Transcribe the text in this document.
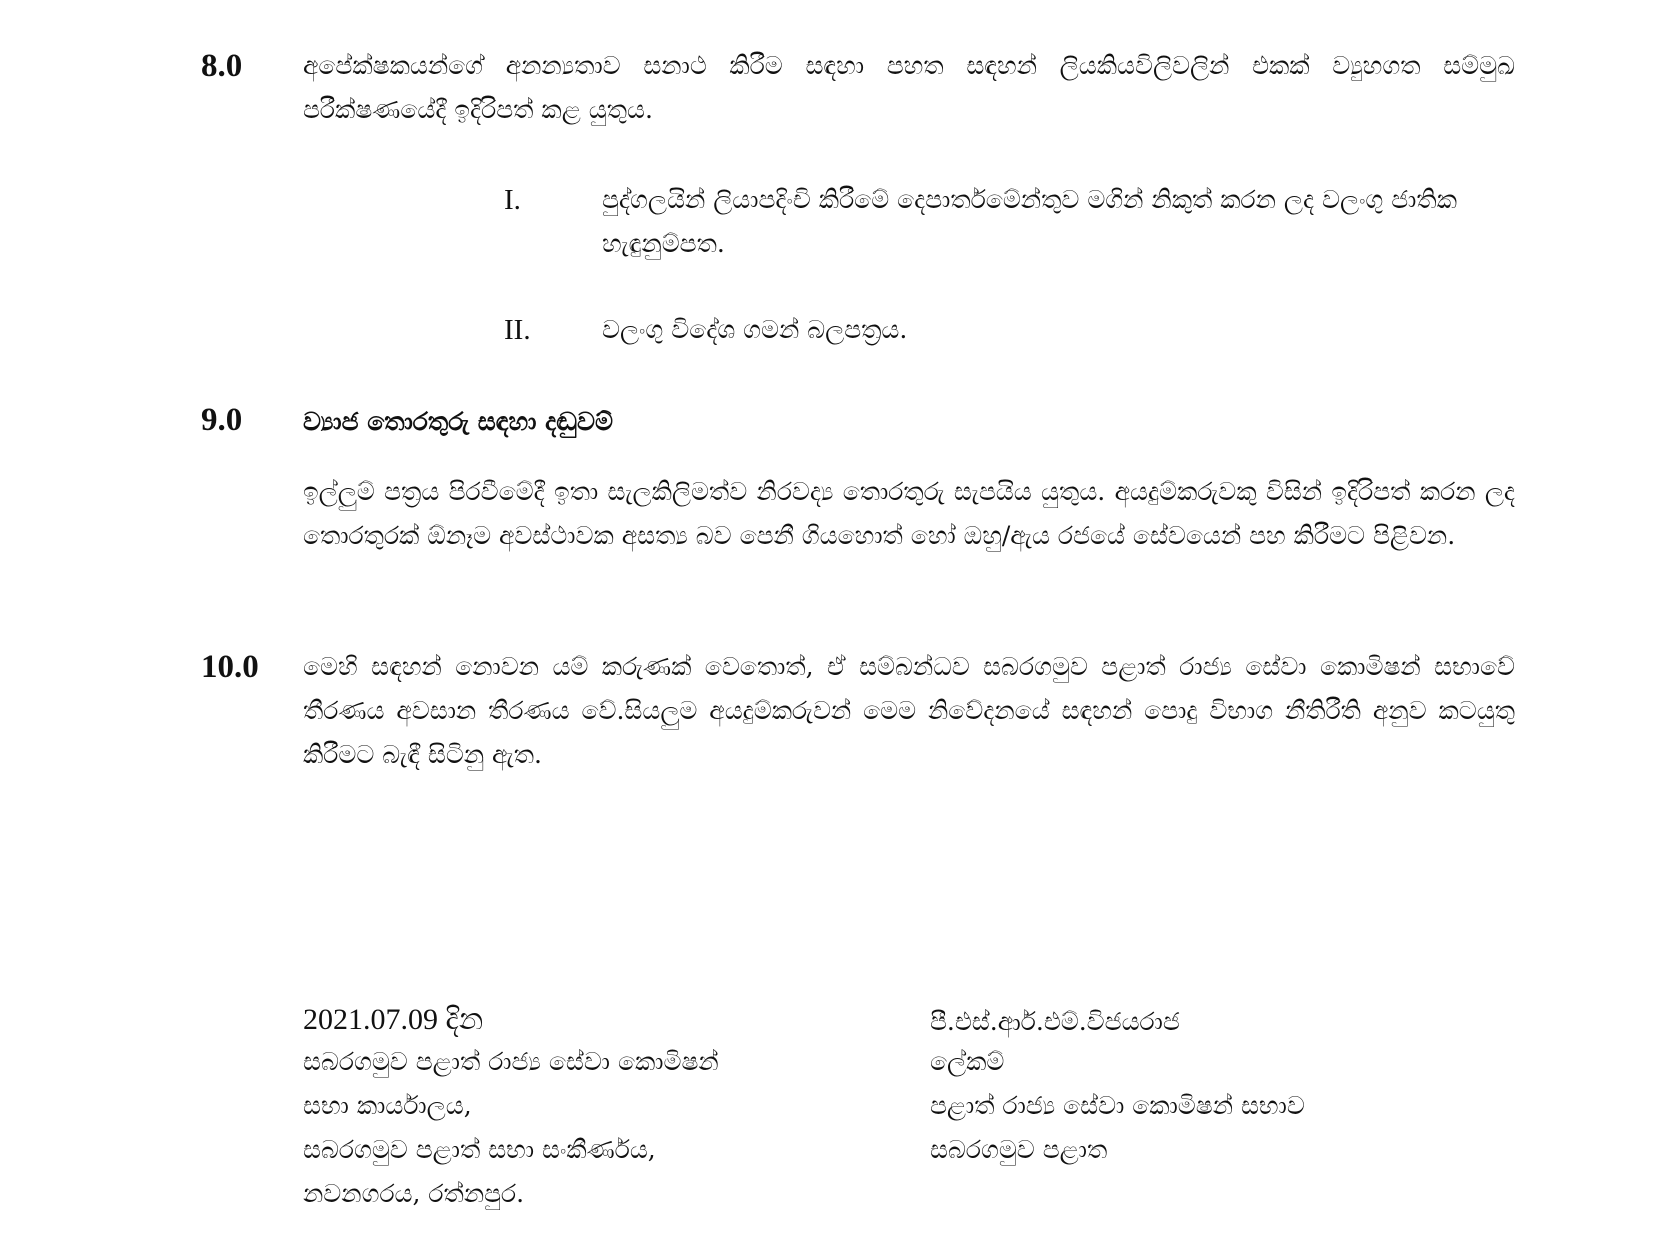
8.0 අපේක්ෂකයන්ගේ අනන්‍යතාව සනාථ කිරීම සඳහා පහත සඳහන් ලියකියවිලිවලින් එකක් ව්‍යුහගත සම්මුඛ පරීක්ෂණයේදී ඉදිරිපත් කළ යුතුය.

I.	පුද්ගලයින් ලියාපදිංචි කිරීමේ දෙපාර්තමේන්තුව මගින් නිකුත් කරන ලද වලංගු ජාතික හැඳුනුම්පත.

II.	වලංගු විදේශ ගමන් බලපත්‍රය.

9.0 ව්‍යාජ තොරතුරු සඳහා දඬුවම්

ඉල්ලුම් පත්‍රය පිරවීමේදී ඉතා සැලකිලිමත්ව නිරවද්‍ය තොරතුරු සැපයිය යුතුය. අයදුම්කරුවකු විසින් ඉදිරිපත් කරන ලද තොරතුරක් ඕනෑම අවස්ථාවක අසත්‍ය බව පෙනී ගියහොත් හෝ ඔහු/ඇය රජයේ සේවයෙන් පහ කිරීමට පිළිවන.

10.0 මෙහි සඳහන් නොවන යම් කරුණක් වෙතොත්, ඒ සම්බන්ධව සබරගමුව පළාත් රාජ්‍ය සේවා කොමිෂන් සභාවේ තීරණය අවසාන තීරණය වේ.සියලුම අයදුම්කරුවන් මෙම නිවේදනයේ සඳහන් පොදු විභාග නීතිරීති අනුව කටයුතු කිරීමට බැඳී සිටිනු ඇත.

2021.07.09 දින

සබරගමුව පළාත් රාජ්‍ය සේවා කොමිෂන්

සභා කාර්යාලය,

සබරගමුව පළාත් සභා සංකීර්ණය,

නවනගරය, රත්නපුර.

පී.එස්.ආර්.එම්.විජයරාජ

ලේකම්

පළාත් රාජ්‍ය සේවා කොමිෂන් සභාව

සබරගමුව පළාත
